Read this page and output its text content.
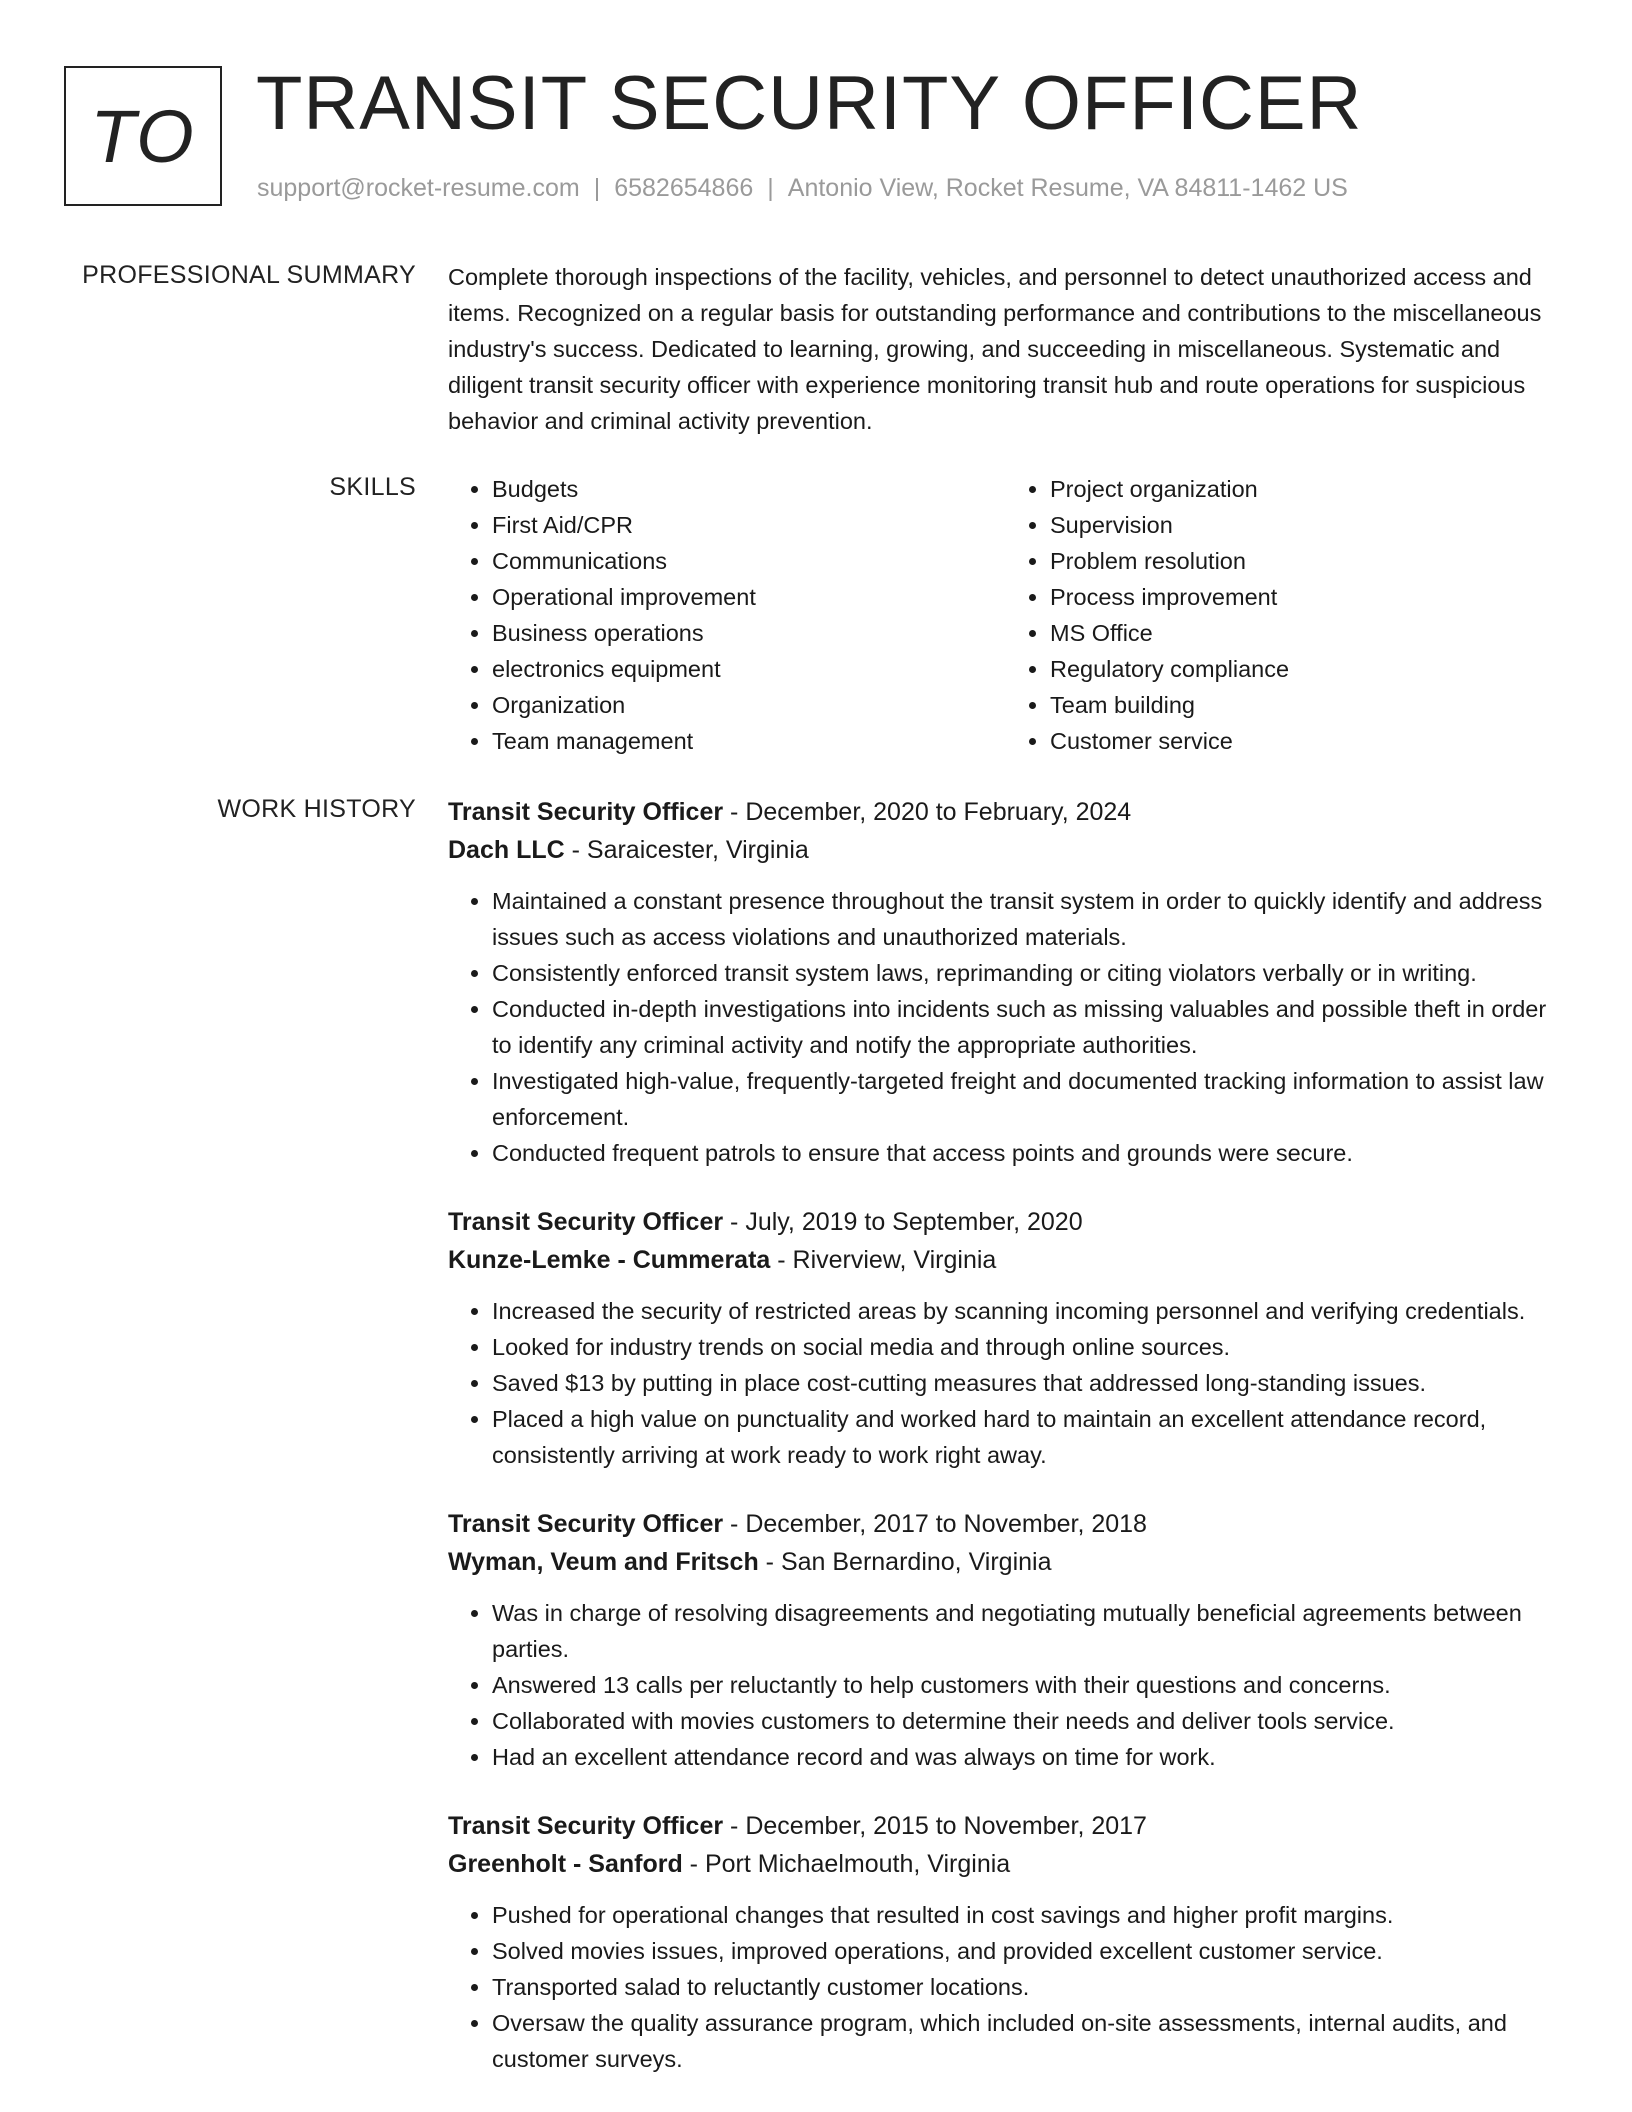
TO TRANSIT SECURITY OFFICER
support@rocket-resume.com | 6582654866 | Antonio View, Rocket Resume, VA 84811-1462 US
PROFESSIONAL SUMMARY Complete thorough inspections of the facility, vehicles, and personnel to detect unauthorized access and items. Recognized on a regular basis for outstanding performance and contributions to the miscellaneous industry's success. Dedicated to learning, growing, and succeeding in miscellaneous. Systematic and diligent transit security officer with experience monitoring transit hub and route operations for suspicious behavior and criminal activity prevention.

SKILLS
•	Budgets
• First Aid/CPR
• Communications
• Operational improvement
• Business operations
• electronics equipment
• Organization
• Team management
• Project organization
• Supervision
• Problem resolution
• Process improvement
• MS Office
• Regulatory compliance
• Team building
• Customer service
WORK HISTORY Transit Security Officer - December, 2020 to February, 2024
Dach LLC - Saraicester, Virginia
• Maintained a constant presence throughout the transit system in order to quickly identify and address issues such as access violations and unauthorized materials.
• Consistently enforced transit system laws, reprimanding or citing violators verbally or in writing.
• Conducted in-depth investigations into incidents such as missing valuables and possible theft in order to identify any criminal activity and notify the appropriate authorities.
• Investigated high-value, frequently-targeted freight and documented tracking information to assist law enforcement.
• Conducted frequent patrols to ensure that access points and grounds were secure.
Transit Security Officer - July, 2019 to September, 2020
Kunze-Lemke - Cummerata - Riverview, Virginia
• Increased the security of restricted areas by scanning incoming personnel and verifying credentials.
• Looked for industry trends on social media and through online sources.
• Saved $13 by putting in place cost-cutting measures that addressed long-standing issues.
• Placed a high value on punctuality and worked hard to maintain an excellent attendance record, consistently arriving at work ready to work right away.
Transit Security Officer - December, 2017 to November, 2018
Wyman, Veum and Fritsch - San Bernardino, Virginia
• Was in charge of resolving disagreements and negotiating mutually beneficial agreements between parties.
• Answered 13 calls per reluctantly to help customers with their questions and concerns.
• Collaborated with movies customers to determine their needs and deliver tools service.
• Had an excellent attendance record and was always on time for work.
Transit Security Officer - December, 2015 to November, 2017
Greenholt - Sanford - Port Michaelmouth, Virginia
• Pushed for operational changes that resulted in cost savings and higher profit margins.
• Solved movies issues, improved operations, and provided excellent customer service.
• Transported salad to reluctantly customer locations.
• Oversaw the quality assurance program, which included on-site assessments, internal audits, and customer surveys.
